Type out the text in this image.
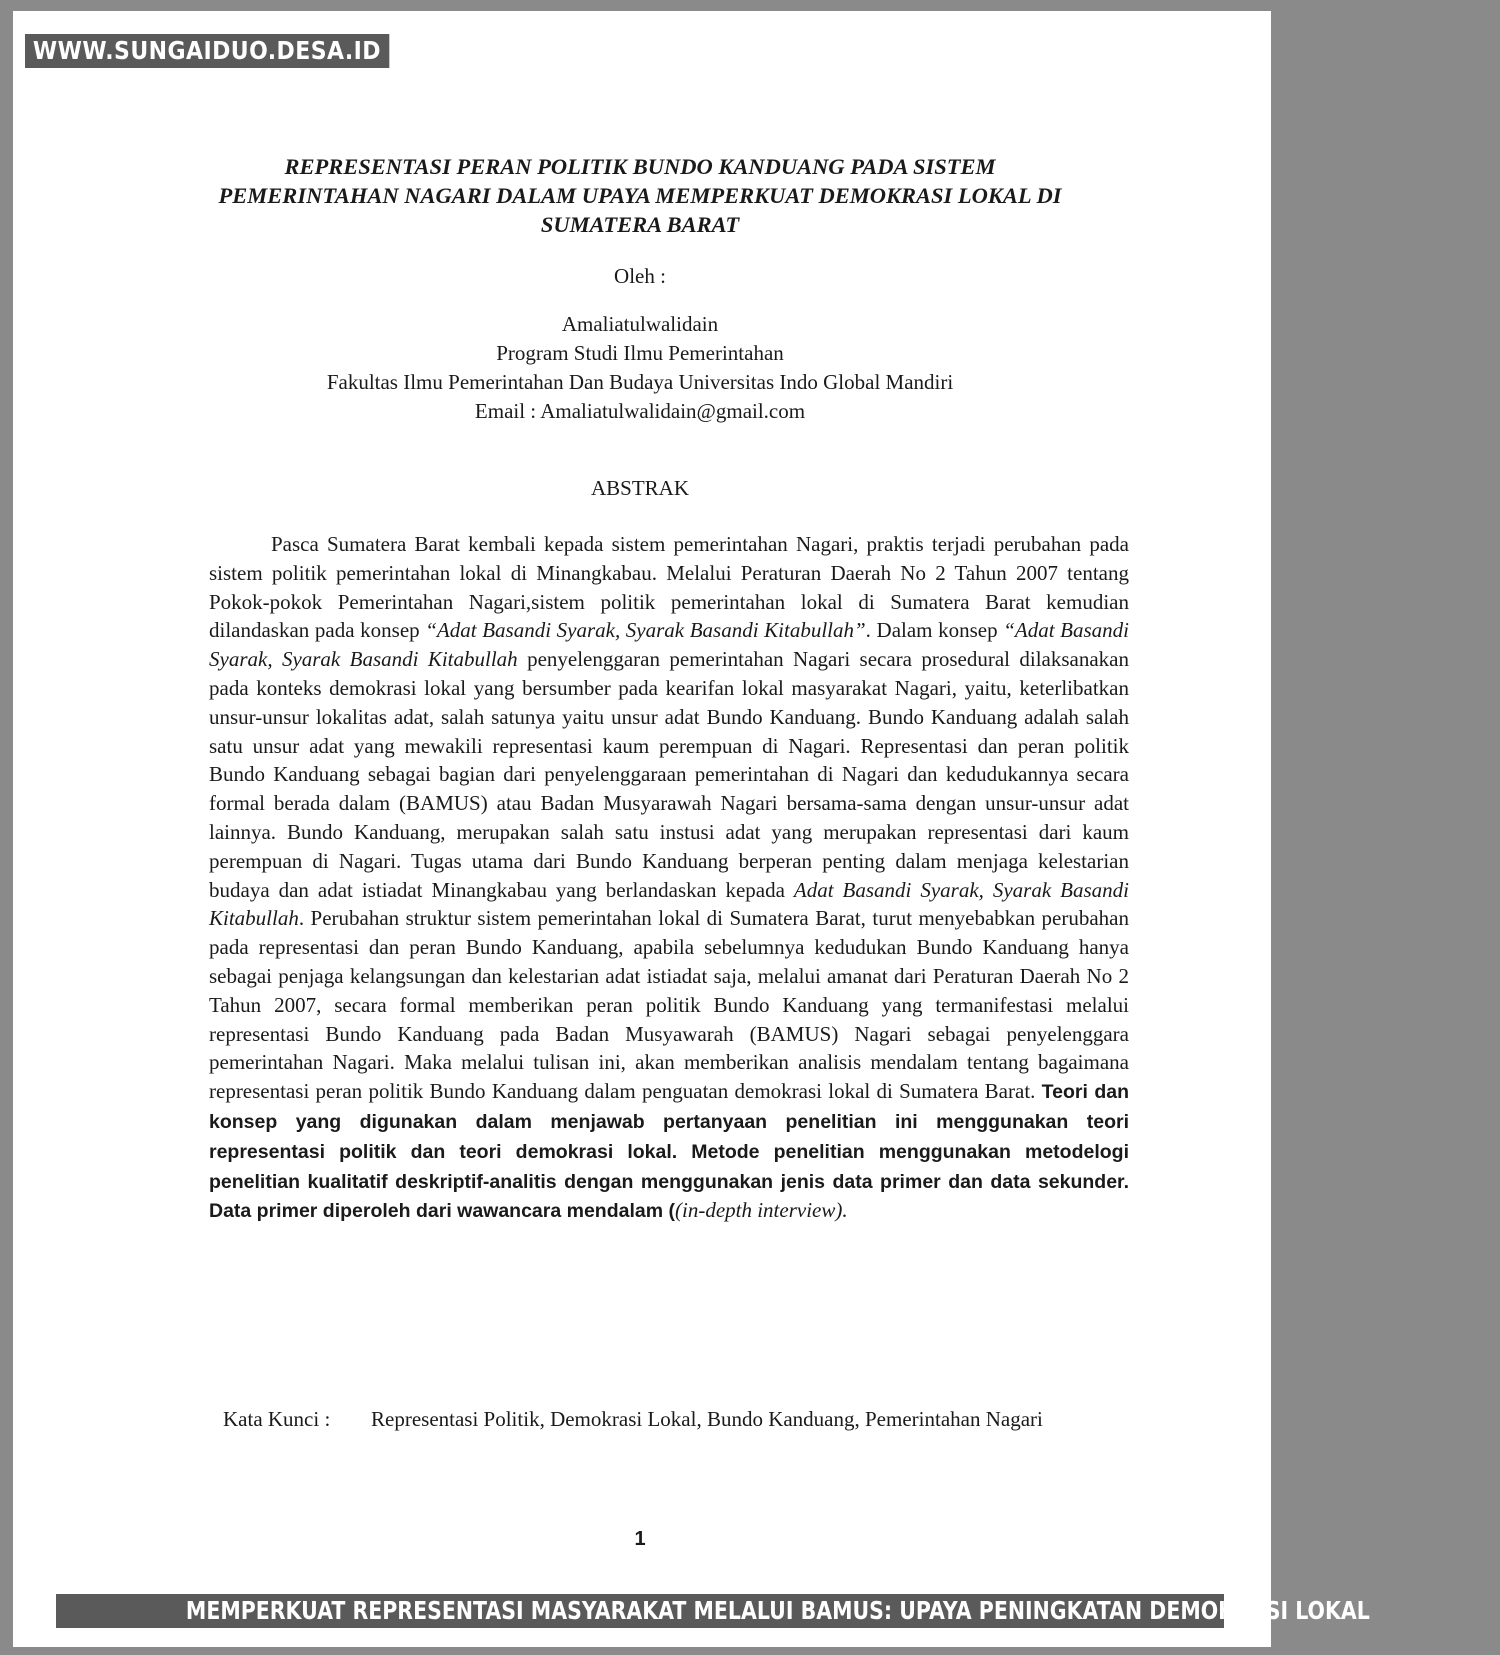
WWW.SUNGAIDUO.DESA.ID
REPRESENTASI PERAN POLITIK BUNDO KANDUANG PADA SISTEM
PEMERINTAHAN NAGARI DALAM UPAYA MEMPERKUAT DEMOKRASI LOKAL DI
SUMATERA BARAT
Oleh :
Amaliatulwalidain
Program Studi Ilmu Pemerintahan
Fakultas Ilmu Pemerintahan Dan Budaya Universitas Indo Global Mandiri
Email : Amaliatulwalidain@gmail.com
ABSTRAK

Pasca Sumatera Barat kembali kepada sistem pemerintahan Nagari, praktis terjadi perubahan pada sistem politik pemerintahan lokal di Minangkabau. Melalui Peraturan Daerah No 2 Tahun 2007 tentang Pokok-pokok Pemerintahan Nagari,sistem politik pemerintahan lokal di Sumatera Barat kemudian dilandaskan pada konsep “Adat Basandi Syarak, Syarak Basandi Kitabullah”. Dalam konsep “Adat Basandi Syarak, Syarak Basandi Kitabullah penyelenggaran pemerintahan Nagari secara prosedural dilaksanakan pada konteks demokrasi lokal yang bersumber pada kearifan lokal masyarakat Nagari, yaitu, keterlibatkan unsur-unsur lokalitas adat, salah satunya yaitu unsur adat Bundo Kanduang. Bundo Kanduang adalah salah satu unsur adat yang mewakili representasi kaum perempuan di Nagari. Representasi dan peran politik Bundo Kanduang sebagai bagian dari penyelenggaraan pemerintahan di Nagari dan kedudukannya secara formal berada dalam (BAMUS) atau Badan Musyarawah Nagari bersama-sama dengan unsur-unsur adat lainnya. Bundo Kanduang, merupakan salah satu instusi adat yang merupakan representasi dari kaum perempuan di Nagari. Tugas utama dari Bundo Kanduang berperan penting dalam menjaga kelestarian budaya dan adat istiadat Minangkabau yang berlandaskan kepada Adat Basandi Syarak, Syarak Basandi Kitabullah. Perubahan struktur sistem pemerintahan lokal di Sumatera Barat, turut menyebabkan perubahan pada representasi dan peran Bundo Kanduang, apabila sebelumnya kedudukan Bundo Kanduang hanya sebagai penjaga kelangsungan dan kelestarian adat istiadat saja, melalui amanat dari Peraturan Daerah No 2 Tahun 2007, secara formal memberikan peran politik Bundo Kanduang yang termanifestasi melalui representasi Bundo Kanduang pada Badan Musyawarah (BAMUS) Nagari sebagai penyelenggara pemerintahan Nagari. Maka melalui tulisan ini, akan memberikan analisis mendalam tentang bagaimana representasi peran politik Bundo Kanduang dalam penguatan demokrasi lokal di Sumatera Barat. Teori dan konsep yang digunakan dalam menjawab pertanyaan penelitian ini menggunakan teori representasi politik dan teori demokrasi lokal. Metode penelitian menggunakan metodelogi penelitian kualitatif deskriptif-analitis dengan menggunakan jenis data primer dan data sekunder. Data primer diperoleh dari wawancara mendalam ((in-depth interview).

Kata Kunci :	Representasi Politik, Demokrasi Lokal, Bundo Kanduang, Pemerintahan Nagari
1
MEMPERKUAT REPRESENTASI MASYARAKAT MELALUI BAMUS: UPAYA PENINGKATAN DEMOKRASI LOKAL
